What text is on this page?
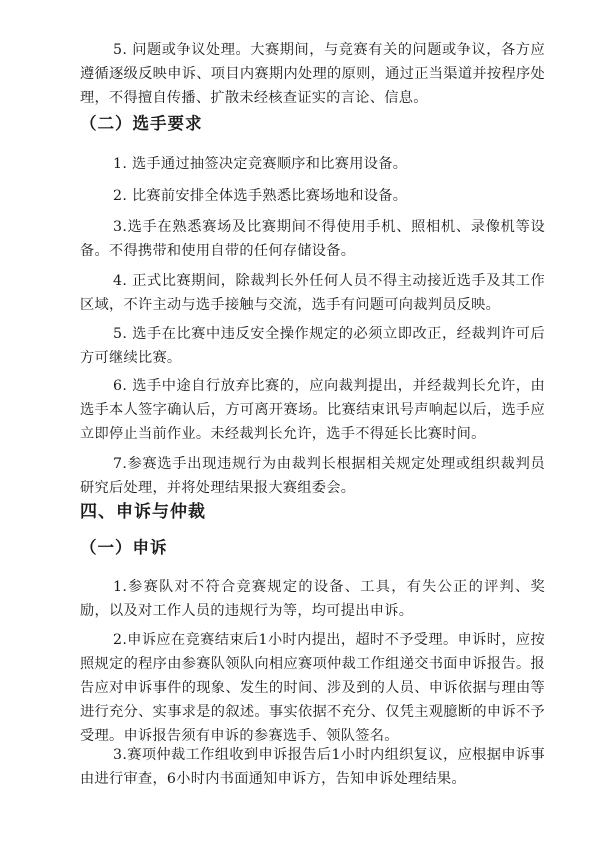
5. 问题或争议处理。大赛期间，与竞赛有关的问题或争议，各方应遵循逐级反映申诉、项目内赛期内处理的原则，通过正当渠道并按程序处理，不得擅自传播、扩散未经核查证实的言论、信息。

（二）选手要求

1. 选手通过抽签决定竞赛顺序和比赛用设备。

2. 比赛前安排全体选手熟悉比赛场地和设备。

3.选手在熟悉赛场及比赛期间不得使用手机、照相机、录像机等设备。不得携带和使用自带的任何存储设备。

4. 正式比赛期间，除裁判长外任何人员不得主动接近选手及其工作区域，不许主动与选手接触与交流，选手有问题可向裁判员反映。

5. 选手在比赛中违反安全操作规定的必须立即改正，经裁判许可后方可继续比赛。

6. 选手中途自行放弃比赛的，应向裁判提出，并经裁判长允许，由选手本人签字确认后，方可离开赛场。比赛结束讯号声响起以后，选手应立即停止当前作业。未经裁判长允许，选手不得延长比赛时间。

7.参赛选手出现违规行为由裁判长根据相关规定处理或组织裁判员研究后处理，并将处理结果报大赛组委会。

四、申诉与仲裁
（一）申诉

1.参赛队对不符合竞赛规定的设备、工具，有失公正的评判、奖励，以及对工作人员的违规行为等，均可提出申诉。

2.申诉应在竞赛结束后1小时内提出，超时不予受理。申诉时，应按照规定的程序由参赛队领队向相应赛项仲裁工作组递交书面申诉报告。报告应对申诉事件的现象、发生的时间、涉及到的人员、申诉依据与理由等进行充分、实事求是的叙述。事实依据不充分、仅凭主观臆断的申诉不予受理。申诉报告须有申诉的参赛选手、领队签名。

3.赛项仲裁工作组收到申诉报告后1小时内组织复议，应根据申诉事由进行审查，6小时内书面通知申诉方，告知申诉处理结果。
